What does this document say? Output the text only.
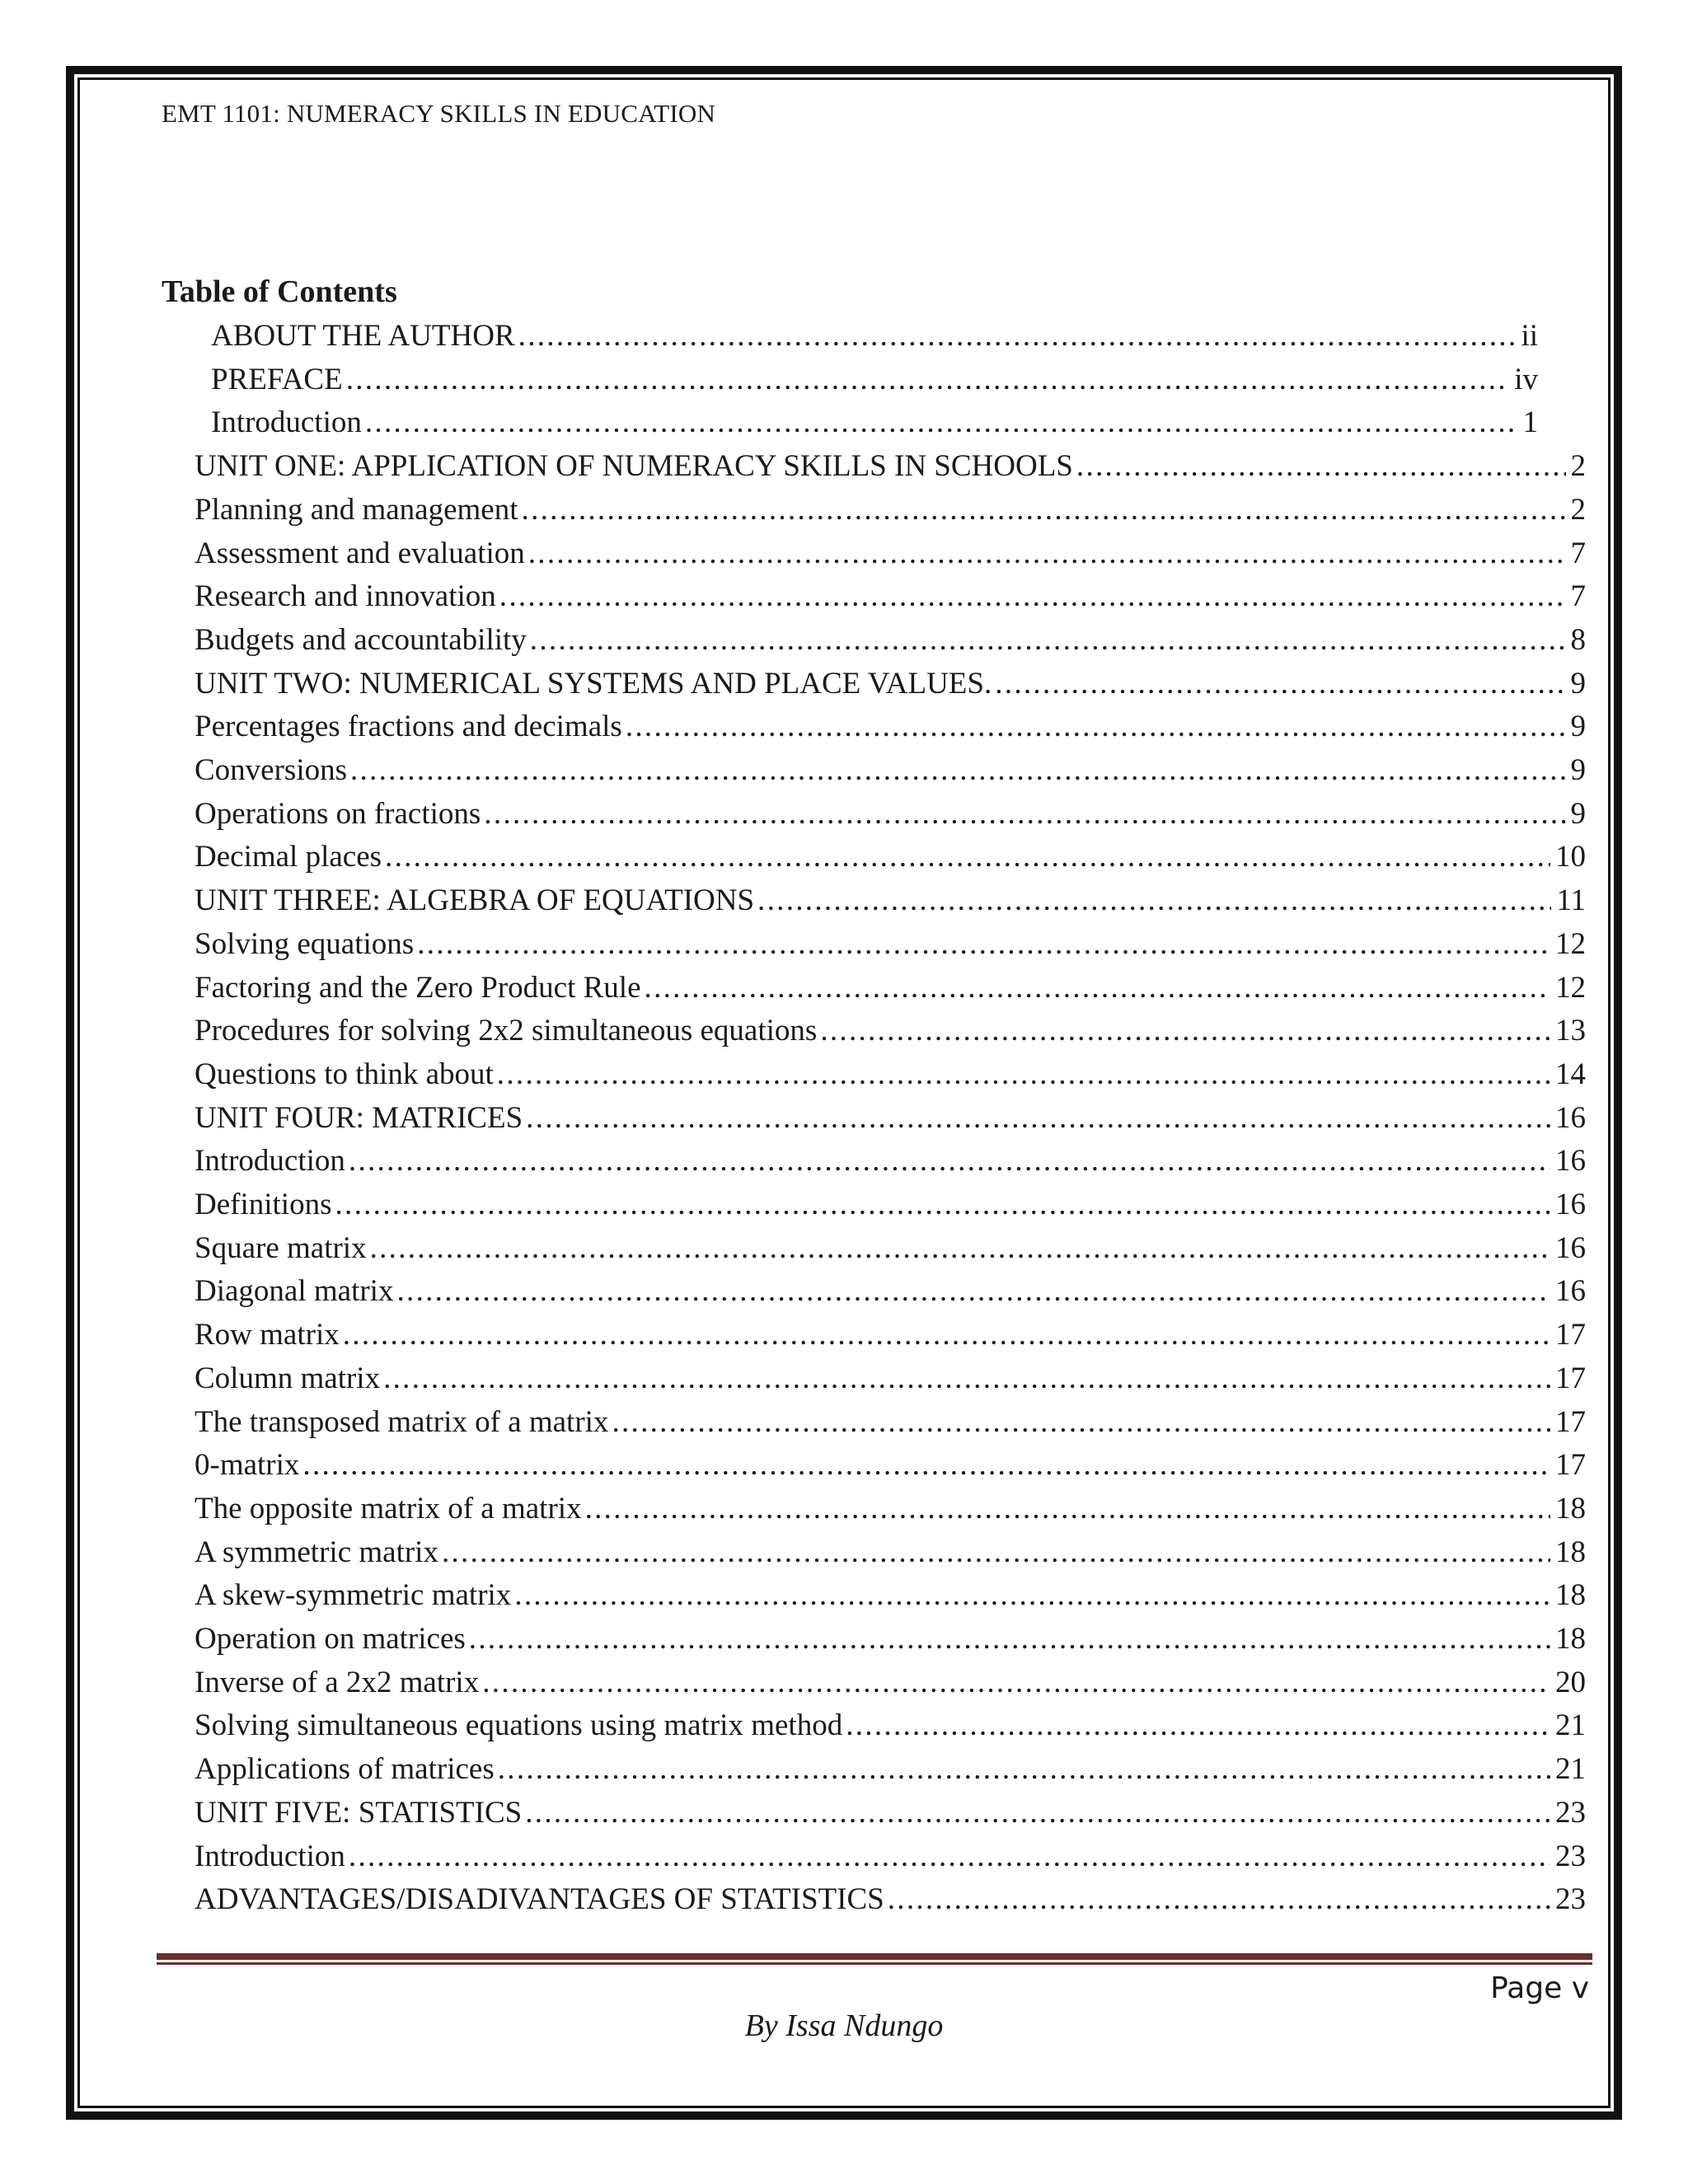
EMT 1101: NUMERACY SKILLS IN EDUCATION
Table of Contents
ABOUT THE AUTHOR .....	ii
PREFACE .....	iv
Introduction .....	1
UNIT ONE: APPLICATION OF NUMERACY SKILLS IN SCHOOLS .....	2
Planning and management .....	2
Assessment and evaluation .....	7
Research and innovation .....	7
Budgets and accountability .....	8
UNIT TWO: NUMERICAL SYSTEMS AND PLACE VALUES. .....	9
Percentages fractions and decimals .....	9
Conversions .....	9
Operations on fractions .....	9
Decimal places .....	10
UNIT THREE: ALGEBRA OF EQUATIONS .....	11
Solving equations .....	12
Factoring and the Zero Product Rule .....	12
Procedures for solving 2x2 simultaneous equations .....	13
Questions to think about .....	14
UNIT FOUR: MATRICES .....	16
Introduction .....	16
Definitions .....	16
Square matrix .....	16
Diagonal matrix .....	16
Row matrix .....	17
Column matrix .....	17
The transposed matrix of a matrix .....	17
0-matrix .....	17
The opposite matrix of a matrix .....	18
A symmetric matrix .....	18
A skew-symmetric matrix .....	18
Operation on matrices .....	18
Inverse of a 2x2 matrix .....	20
Solving simultaneous equations using matrix method .....	21
Applications of matrices .....	21
UNIT FIVE: STATISTICS .....	23
Introduction .....	23
ADVANTAGES/DISADIVANTAGES OF STATISTICS .....	23
Page v
By Issa Ndungo
